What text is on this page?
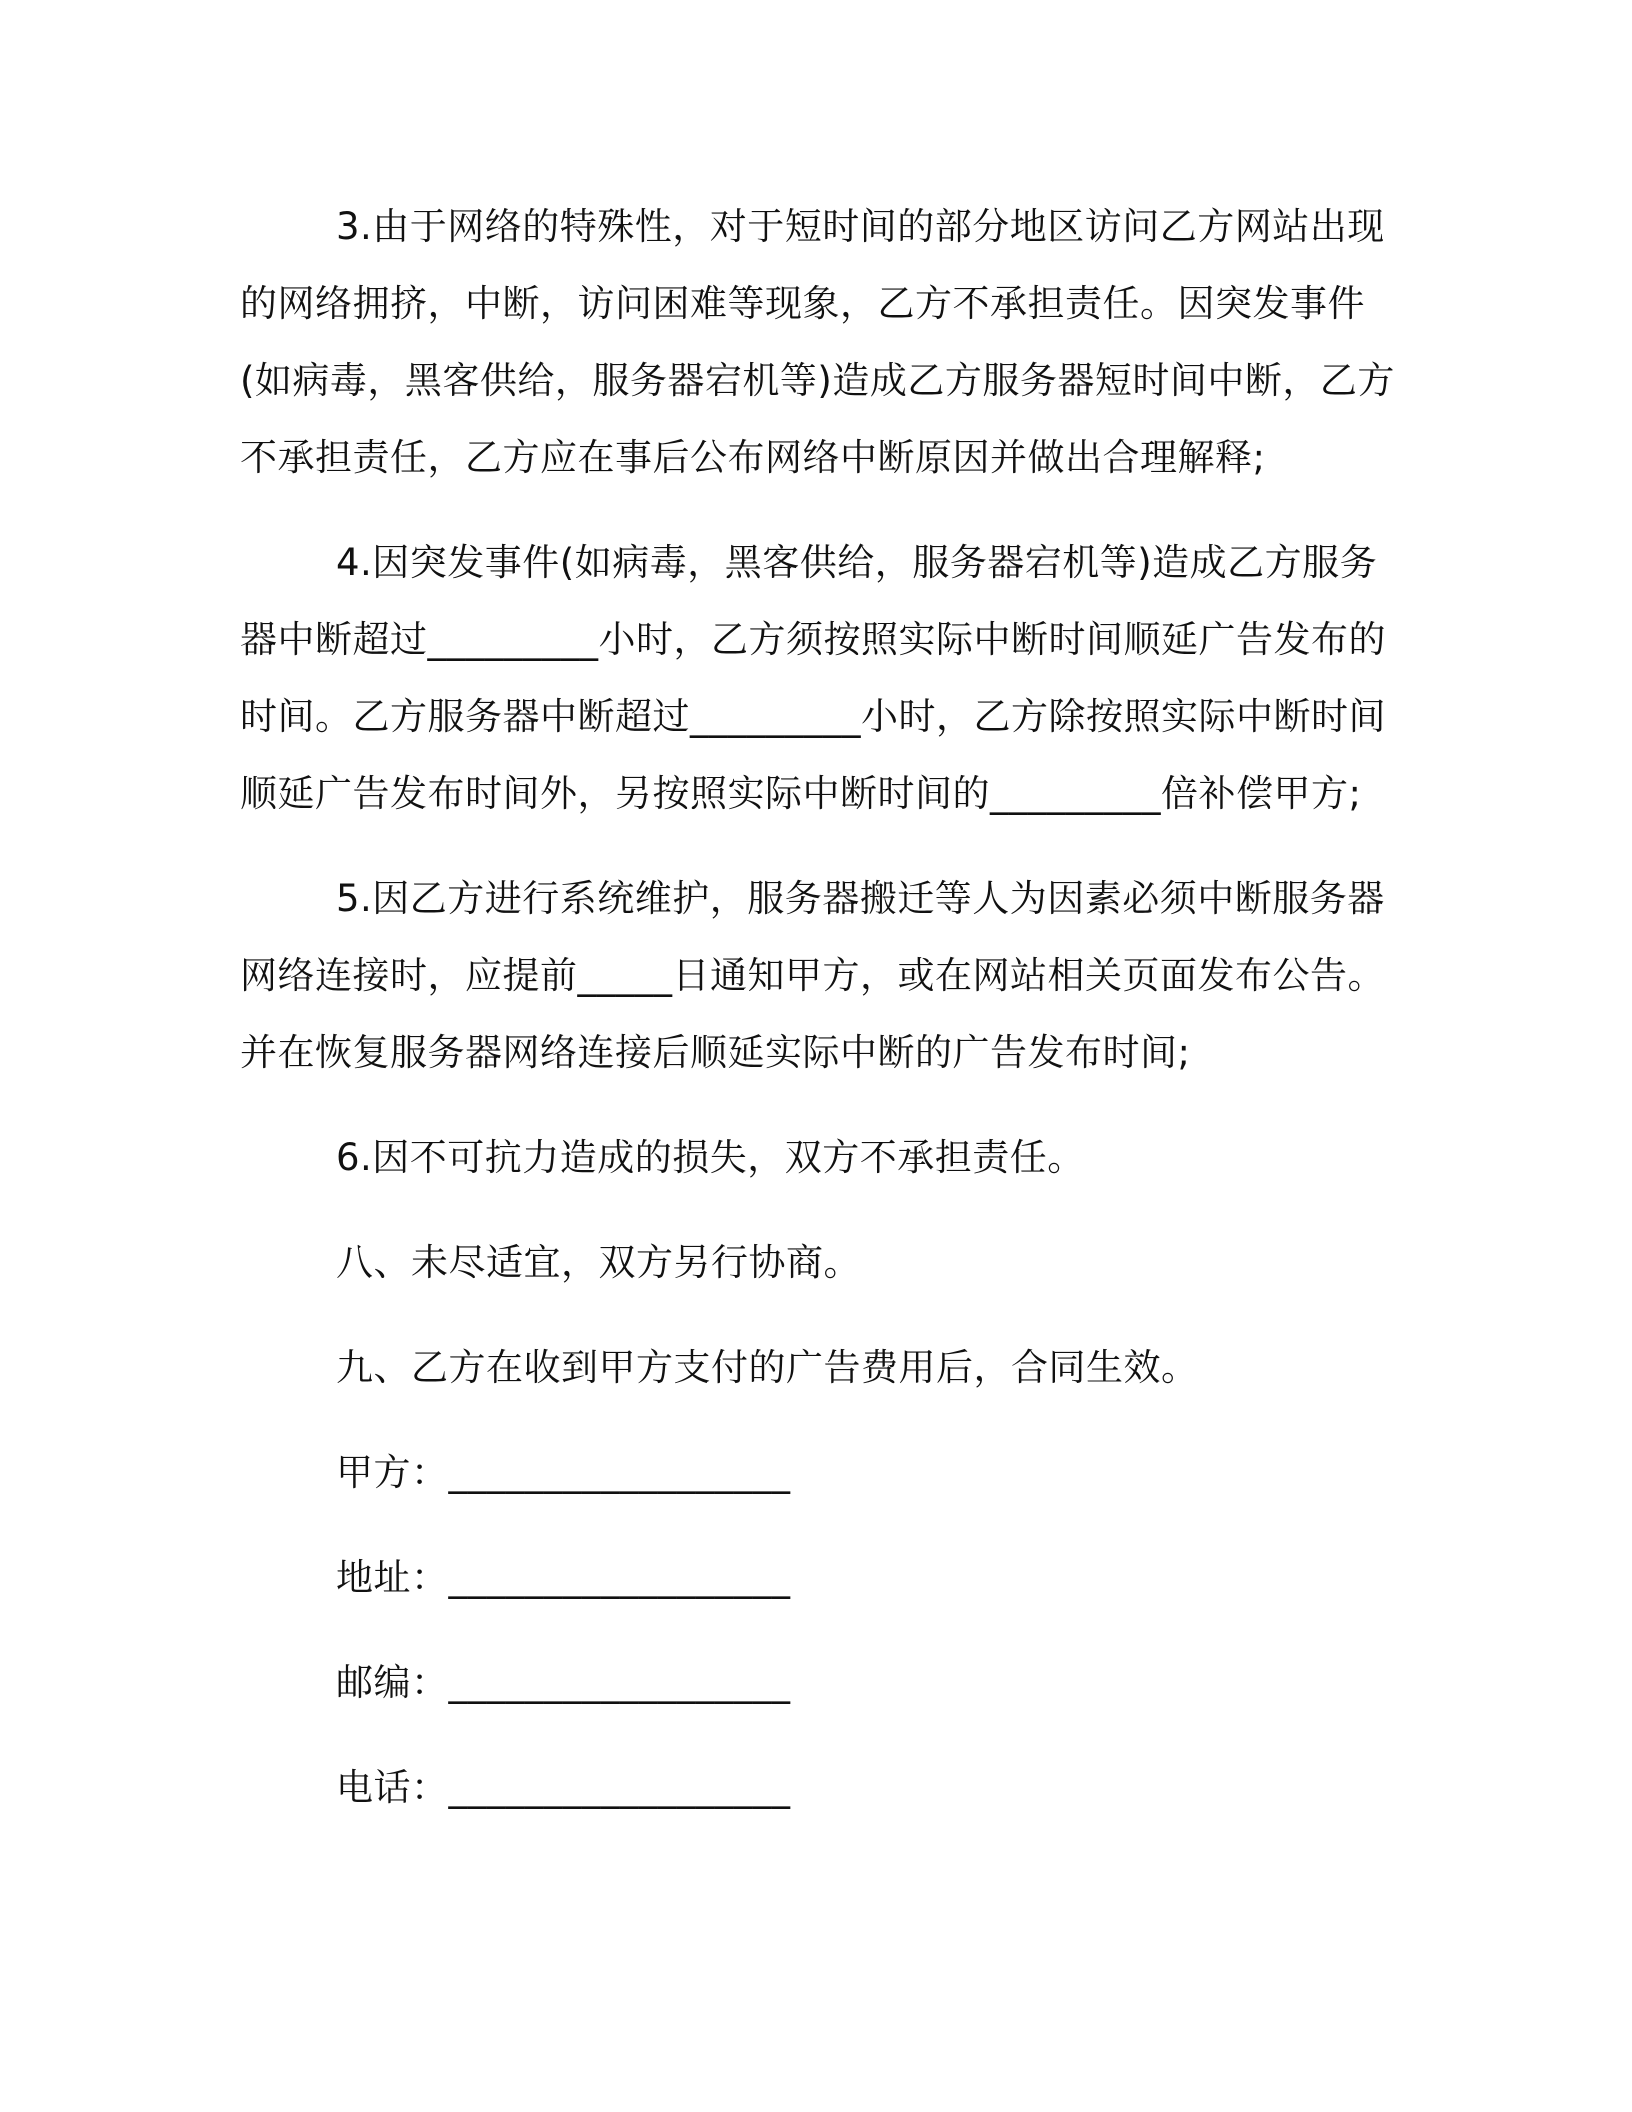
3.由于网络的特殊性，对于短时间的部分地区访问乙方网站出现的网络拥挤，中断，访问困难等现象，乙方不承担责任。因突发事件(如病毒，黑客供给，服务器宕机等)造成乙方服务器短时间中断，乙方不承担责任，乙方应在事后公布网络中断原因并做出合理解释;

4.因突发事件(如病毒，黑客供给，服务器宕机等)造成乙方服务器中断超过_________小时，乙方须按照实际中断时间顺延广告发布的时间。乙方服务器中断超过_________小时，乙方除按照实际中断时间顺延广告发布时间外，另按照实际中断时间的_________倍补偿甲方;

5.因乙方进行系统维护，服务器搬迁等人为因素必须中断服务器网络连接时，应提前_____日通知甲方，或在网站相关页面发布公告。并在恢复服务器网络连接后顺延实际中断的广告发布时间;

6.因不可抗力造成的损失，双方不承担责任。

八、未尽适宜，双方另行协商。

九、乙方在收到甲方支付的广告费用后，合同生效。

甲方：__________________

地址：__________________

邮编：__________________

电话：__________________
